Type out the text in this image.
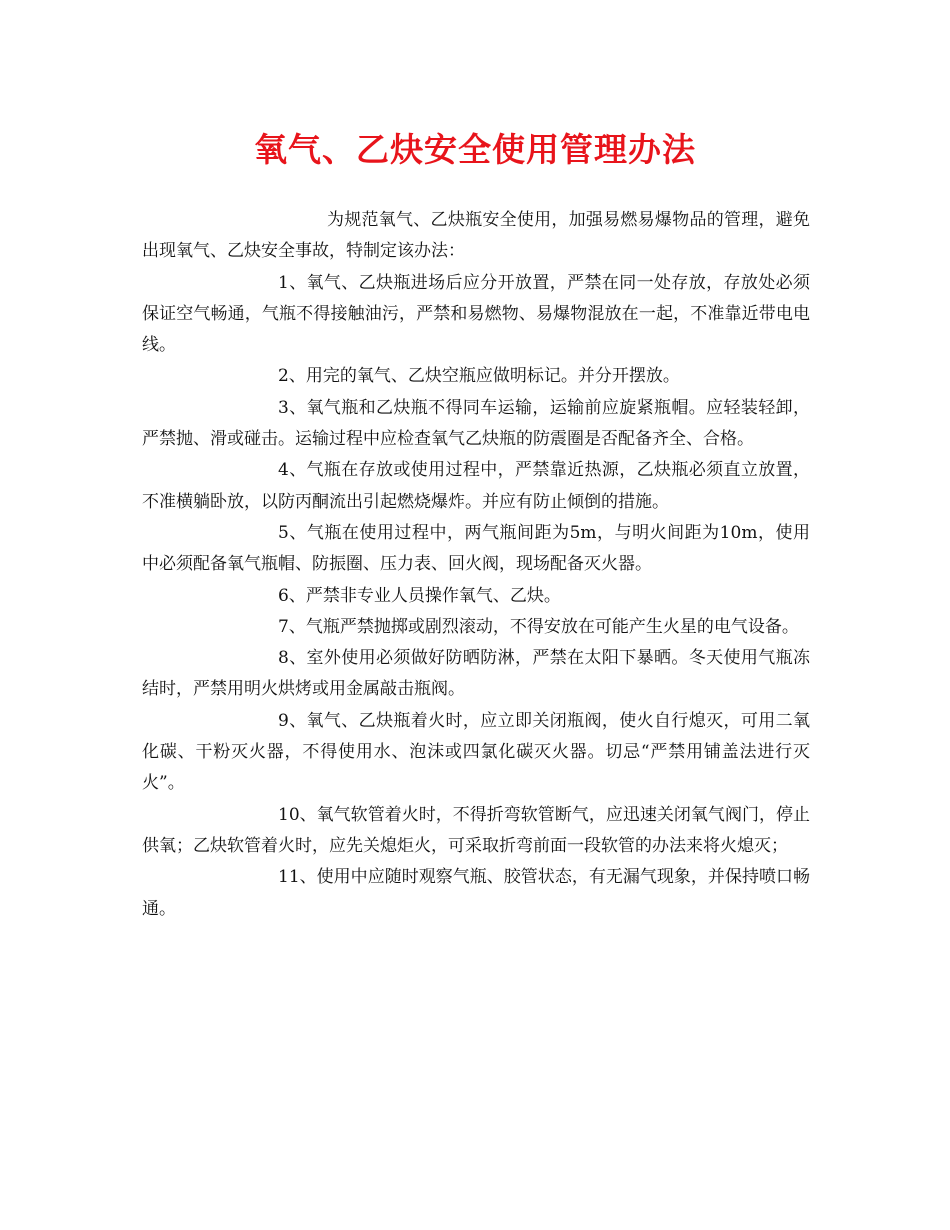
氧气、乙炔安全使用管理办法

为规范氧气、乙炔瓶安全使用，加强易燃易爆物品的管理，避免出现氧气、乙炔安全事故，特制定该办法：

1、氧气、乙炔瓶进场后应分开放置，严禁在同一处存放，存放处必须保证空气畅通，气瓶不得接触油污，严禁和易燃物、易爆物混放在一起，不准靠近带电电线。

2、用完的氧气、乙炔空瓶应做明标记。并分开摆放。

3、氧气瓶和乙炔瓶不得同车运输，运输前应旋紧瓶帽。应轻装轻卸，严禁抛、滑或碰击。运输过程中应检查氧气乙炔瓶的防震圈是否配备齐全、合格。

4、气瓶在存放或使用过程中，严禁靠近热源，乙炔瓶必须直立放置，不准横躺卧放，以防丙酮流出引起燃烧爆炸。并应有防止倾倒的措施。

5、气瓶在使用过程中，两气瓶间距为5m，与明火间距为10m，使用中必须配备氧气瓶帽、防振圈、压力表、回火阀，现场配备灭火器。

6、严禁非专业人员操作氧气、乙炔。

7、气瓶严禁抛掷或剧烈滚动，不得安放在可能产生火星的电气设备。

8、室外使用必须做好防晒防淋，严禁在太阳下暴晒。冬天使用气瓶冻结时，严禁用明火烘烤或用金属敲击瓶阀。

9、氧气、乙炔瓶着火时，应立即关闭瓶阀，使火自行熄灭，可用二氧化碳、干粉灭火器，不得使用水、泡沫或四氯化碳灭火器。切忌“严禁用铺盖法进行灭火”。

10、氧气软管着火时，不得折弯软管断气，应迅速关闭氧气阀门，停止供氧；乙炔软管着火时，应先关熄炬火，可采取折弯前面一段软管的办法来将火熄灭；

11、使用中应随时观察气瓶、胶管状态，有无漏气现象，并保持喷口畅通。
